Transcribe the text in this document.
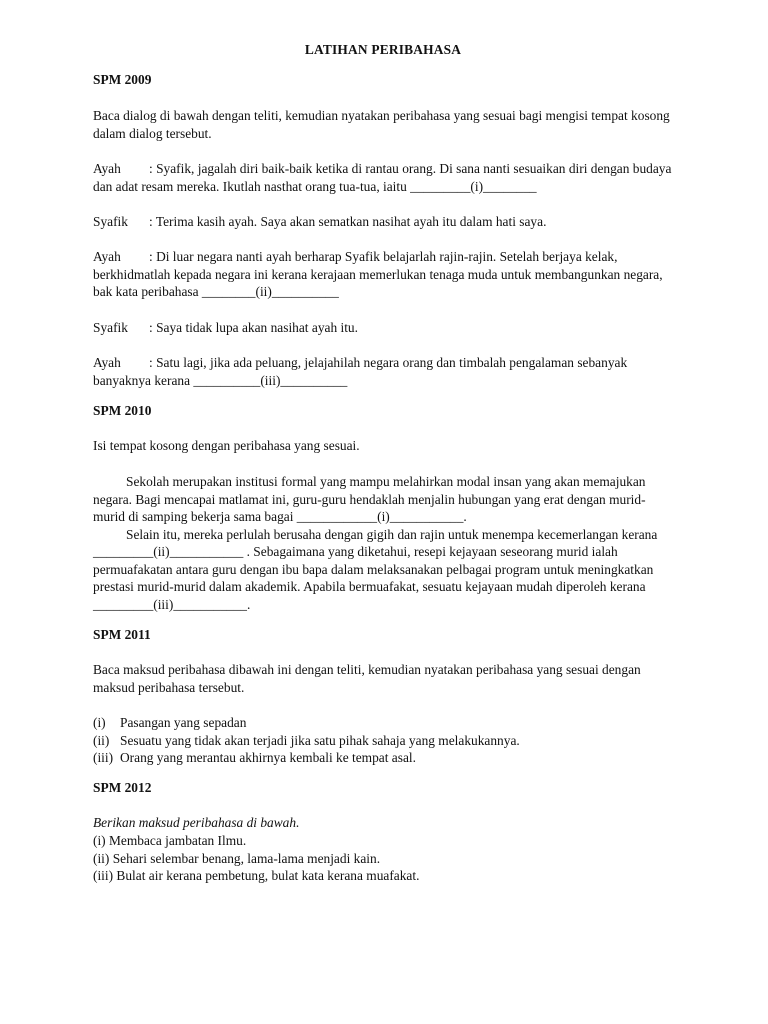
LATIHAN PERIBAHASA
SPM 2009
Baca dialog di bawah dengan teliti, kemudian nyatakan peribahasa yang sesuai bagi mengisi tempat kosong dalam dialog tersebut.
Ayah : Syafik, jagalah diri baik-baik ketika di rantau orang. Di sana nanti sesuaikan diri dengan budaya dan adat resam mereka. Ikutlah nasthat orang tua-tua, iaitu _________(i)________
Syafik : Terima kasih ayah. Saya akan sematkan nasihat ayah itu dalam hati saya.
Ayah : Di luar negara nanti ayah berharap Syafik belajarlah rajin-rajin. Setelah berjaya kelak, berkhidmatlah kepada negara ini kerana kerajaan memerlukan tenaga muda untuk membangunkan negara, bak kata peribahasa ________(ii)__________
Syafik : Saya tidak lupa akan nasihat ayah itu.
Ayah : Satu lagi, jika ada peluang, jelajahilah negara orang dan timbalah pengalaman sebanyak banyaknya kerana __________(iii)__________
SPM 2010
Isi tempat kosong dengan peribahasa yang sesuai.

Sekolah merupakan institusi formal yang mampu melahirkan modal insan yang akan memajukan negara. Bagi mencapai matlamat ini, guru-guru hendaklah menjalin hubungan yang erat dengan murid-murid di samping bekerja sama bagai ____________(i)___________.

Selain itu, mereka perlulah berusaha dengan gigih dan rajin untuk menempa kecemerlangan kerana _________(ii)___________ . Sebagaimana yang diketahui, resepi kejayaan seseorang murid ialah permuafakatan antara guru dengan ibu bapa dalam melaksanakan pelbagai program untuk meningkatkan prestasi murid-murid dalam akademik. Apabila bermuafakat, sesuatu kejayaan mudah diperoleh kerana _________(iii)___________.

SPM 2011
Baca maksud peribahasa dibawah ini dengan teliti, kemudian nyatakan peribahasa yang sesuai dengan maksud peribahasa tersebut.
(i) Pasangan yang sepadan
(ii) Sesuatu yang tidak akan terjadi jika satu pihak sahaja yang melakukannya.
(iii) Orang yang merantau akhirnya kembali ke tempat asal.
SPM 2012
Berikan maksud peribahasa di bawah.
(i) Membaca jambatan Ilmu.
(ii) Sehari selembar benang, lama-lama menjadi kain.
(iii) Bulat air kerana pembetung, bulat kata kerana muafakat.
